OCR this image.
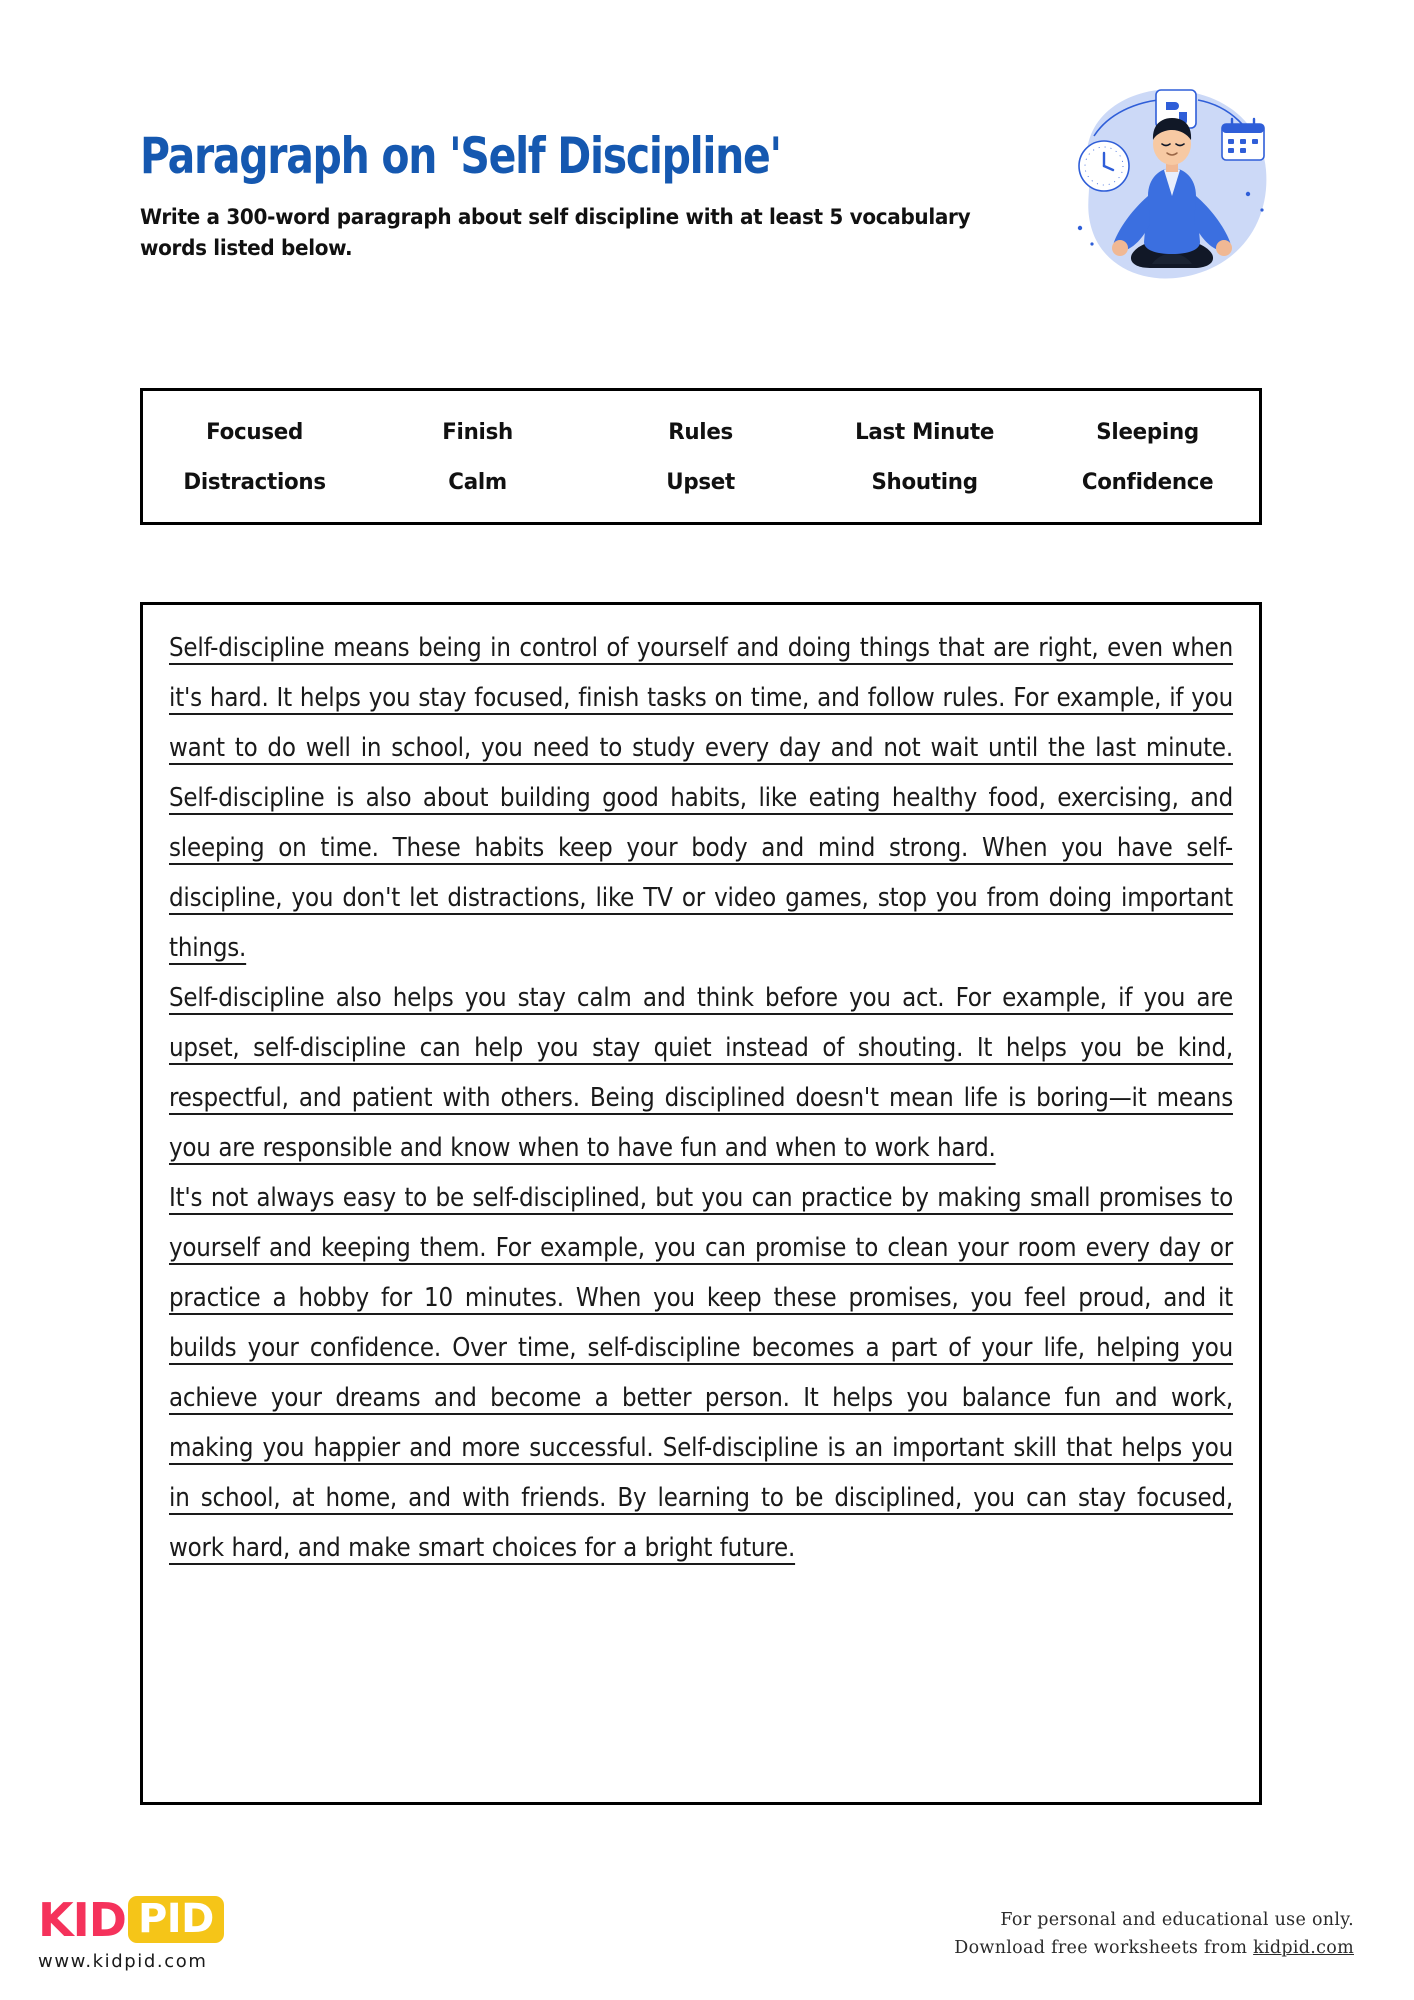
Paragraph on 'Self Discipline'
Write a 300-word paragraph about self discipline with at least 5 vocabulary words listed below.
Focused	Finish	Rules	Last Minute	Sleeping
Distractions	Calm	Upset	Shouting	Confidence

Self-discipline means being in control of yourself and doing things that are right, even when it's hard. It helps you stay focused, finish tasks on time, and follow rules. For example, if you want to do well in school, you need to study every day and not wait until the last minute. Self-discipline is also about building good habits, like eating healthy food, exercising, and sleeping on time. These habits keep your body and mind strong. When you have self-discipline, you don't let distractions, like TV or video games, stop you from doing important things.

Self-discipline also helps you stay calm and think before you act. For example, if you are upset, self-discipline can help you stay quiet instead of shouting. It helps you be kind, respectful, and patient with others. Being disciplined doesn't mean life is boring—it means you are responsible and know when to have fun and when to work hard.

It's not always easy to be self-disciplined, but you can practice by making small promises to yourself and keeping them. For example, you can promise to clean your room every day or practice a hobby for 10 minutes. When you keep these promises, you feel proud, and it builds your confidence. Over time, self-discipline becomes a part of your life, helping you achieve your dreams and become a better person. It helps you balance fun and work, making you happier and more successful. Self-discipline is an important skill that helps you in school, at home, and with friends. By learning to be disciplined, you can stay focused, work hard, and make smart choices for a bright future.

KID PID
www.kidpid.com
For personal and educational use only.
Download free worksheets from kidpid.com
